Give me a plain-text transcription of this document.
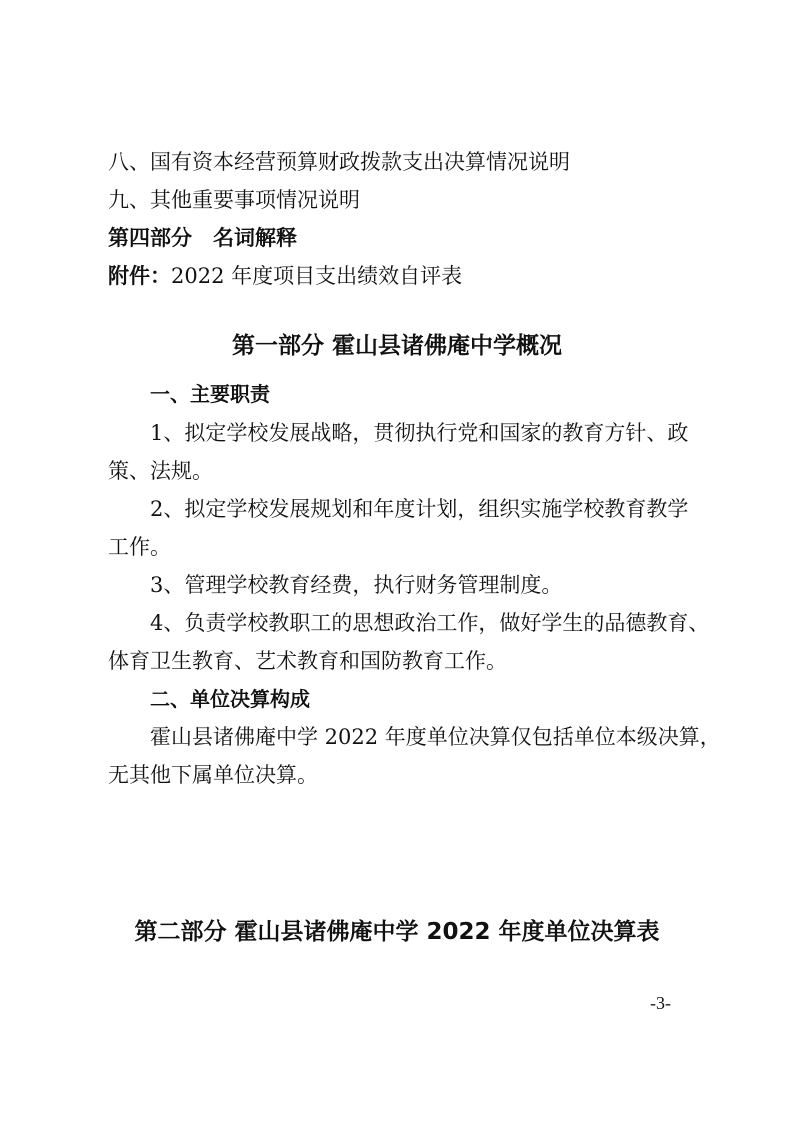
八、国有资本经营预算财政拨款支出决算情况说明
九、其他重要事项情况说明
第四部分　名词解释
附件：2022 年度项目支出绩效自评表
第一部分 霍山县诸佛庵中学概况
一、主要职责
1、拟定学校发展战略，贯彻执行党和国家的教育方针、政
策、法规。
2、拟定学校发展规划和年度计划，组织实施学校教育教学
工作。
3、管理学校教育经费，执行财务管理制度。
4、负责学校教职工的思想政治工作，做好学生的品德教育、
体育卫生教育、艺术教育和国防教育工作。
二、单位决算构成
霍山县诸佛庵中学 2022 年度单位决算仅包括单位本级决算，
无其他下属单位决算。
第二部分 霍山县诸佛庵中学 2022 年度单位决算表
-3-
